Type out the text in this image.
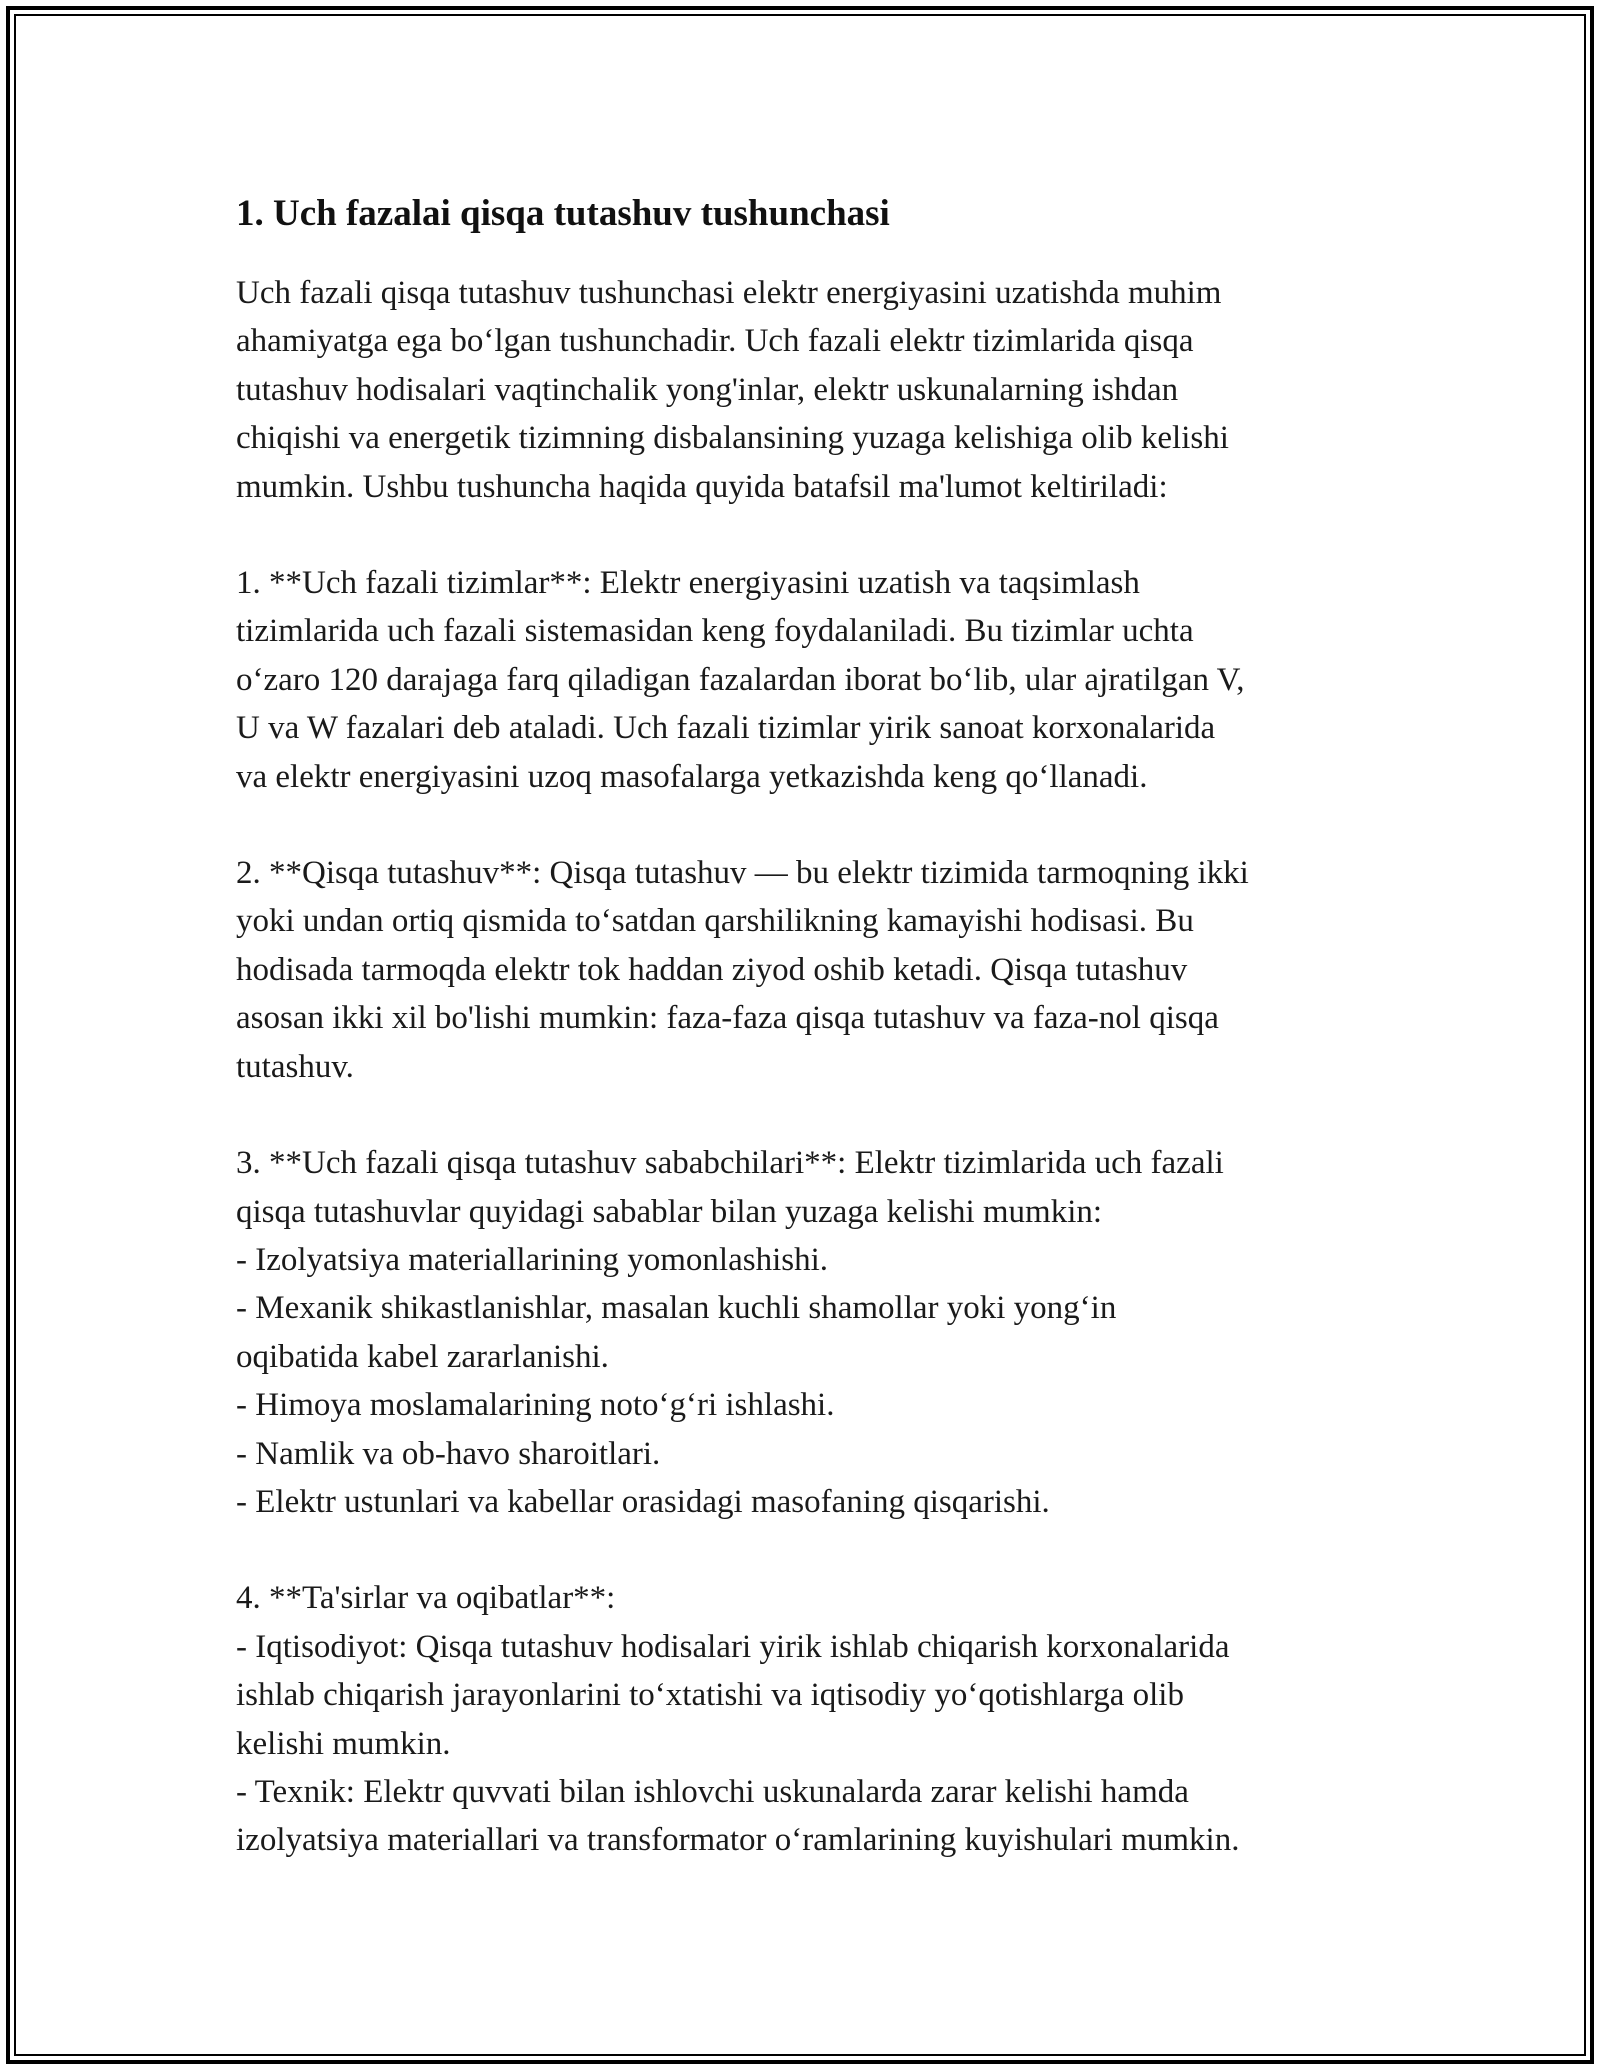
1. Uch fazalai qisqa tutashuv tushunchasi

Uch fazali qisqa tutashuv tushunchasi elektr energiyasini uzatishda muhim
ahamiyatga ega bo‘lgan tushunchadir. Uch fazali elektr tizimlarida qisqa
tutashuv hodisalari vaqtinchalik yong'inlar, elektr uskunalarning ishdan
chiqishi va energetik tizimning disbalansining yuzaga kelishiga olib kelishi
mumkin. Ushbu tushuncha haqida quyida batafsil ma'lumot keltiriladi:

1. **Uch fazali tizimlar**: Elektr energiyasini uzatish va taqsimlash
tizimlarida uch fazali sistemasidan keng foydalaniladi. Bu tizimlar uchta
o‘zaro 120 darajaga farq qiladigan fazalardan iborat bo‘lib, ular ajratilgan V,
U va W fazalari deb ataladi. Uch fazali tizimlar yirik sanoat korxonalarida
va elektr energiyasini uzoq masofalarga yetkazishda keng qo‘llanadi.

2. **Qisqa tutashuv**: Qisqa tutashuv — bu elektr tizimida tarmoqning ikki
yoki undan ortiq qismida to‘satdan qarshilikning kamayishi hodisasi. Bu
hodisada tarmoqda elektr tok haddan ziyod oshib ketadi. Qisqa tutashuv
asosan ikki xil bo'lishi mumkin: faza-faza qisqa tutashuv va faza-nol qisqa
tutashuv.

3. **Uch fazali qisqa tutashuv sababchilari**: Elektr tizimlarida uch fazali
qisqa tutashuvlar quyidagi sabablar bilan yuzaga kelishi mumkin:
- Izolyatsiya materiallarining yomonlashishi.
- Mexanik shikastlanishlar, masalan kuchli shamollar yoki yong‘in
oqibatida kabel zararlanishi.
- Himoya moslamalarining noto‘g‘ri ishlashi.
- Namlik va ob-havo sharoitlari.
- Elektr ustunlari va kabellar orasidagi masofaning qisqarishi.

4. **Ta'sirlar va oqibatlar**:
- Iqtisodiyot: Qisqa tutashuv hodisalari yirik ishlab chiqarish korxonalarida
ishlab chiqarish jarayonlarini to‘xtatishi va iqtisodiy yo‘qotishlarga olib
kelishi mumkin.
- Texnik: Elektr quvvati bilan ishlovchi uskunalarda zarar kelishi hamda
izolyatsiya materiallari va transformator o‘ramlarining kuyishulari mumkin.
